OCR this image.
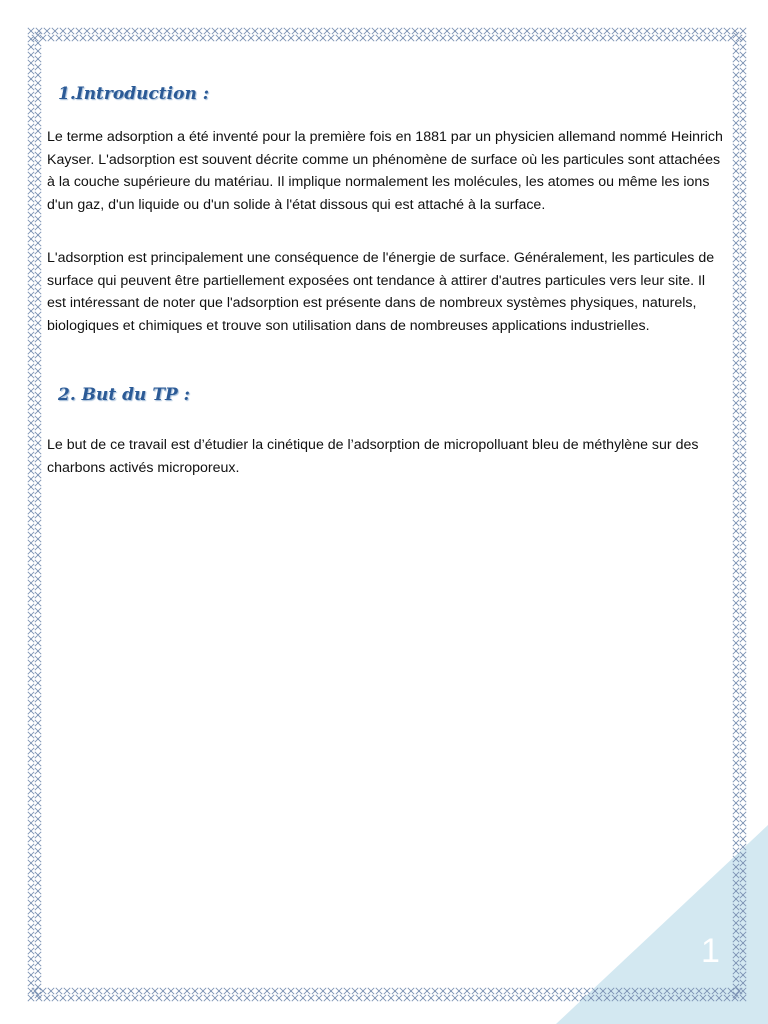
1.Introduction :

Le terme adsorption a été inventé pour la première fois en 1881 par un physicien allemand nommé Heinrich Kayser. L'adsorption est souvent décrite comme un phénomène de surface où les particules sont attachées à la couche supérieure du matériau. Il implique normalement les molécules, les atomes ou même les ions d'un gaz, d'un liquide ou d'un solide à l'état dissous qui est attaché à la surface.

L'adsorption est principalement une conséquence de l'énergie de surface. Généralement, les particules de surface qui peuvent être partiellement exposées ont tendance à attirer d'autres particules vers leur site. Il est intéressant de noter que l'adsorption est présente dans de nombreux systèmes physiques, naturels, biologiques et chimiques et trouve son utilisation dans de nombreuses applications industrielles.

2. But du TP :

Le but de ce travail est d’étudier la cinétique de l’adsorption de micropolluant bleu de méthylène sur des charbons activés microporeux.

1
